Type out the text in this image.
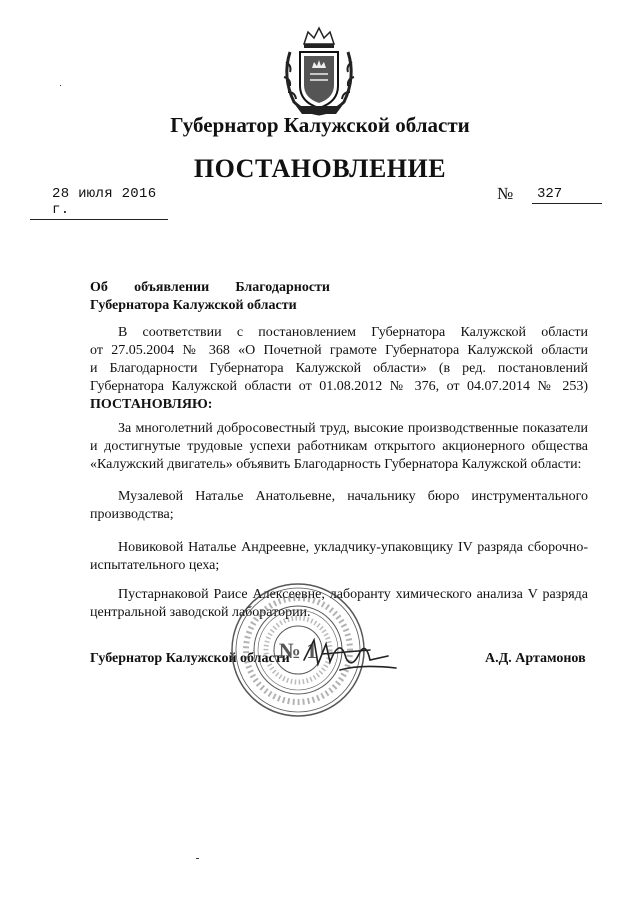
Губернатор Калужской области
ПОСТАНОВЛЕНИЕ
28 июля 2016 г.
№ 327
Об объявлении Благодарности
Губернатора Калужской области
В соответствии с постановлением Губернатора Калужской области
от 27.05.2004 № 368 «О Почетной грамоте Губернатора Калужской области
и Благодарности Губернатора Калужской области» (в ред. постановлений
Губернатора Калужской области от 01.08.2012 № 376, от 04.07.2014 № 253)
ПОСТАНОВЛЯЮ:
За многолетний добросовестный труд, высокие производственные показатели
и достигнутые трудовые успехи работникам открытого акционерного общества
«Калужский двигатель» объявить Благодарность Губернатора Калужской области:
Музалевой Наталье Анатольевне, начальнику бюро инструментального
производства;
Новиковой Наталье Андреевне, укладчику-упаковщику IV разряда сборочно-
испытательного цеха;
Пустарнаковой Раисе Алексеевне, лаборанту химического анализа V разряда
центральной заводской лаборатории.
Губернатор Калужской области	А.Д. Артамонов
№ 1
